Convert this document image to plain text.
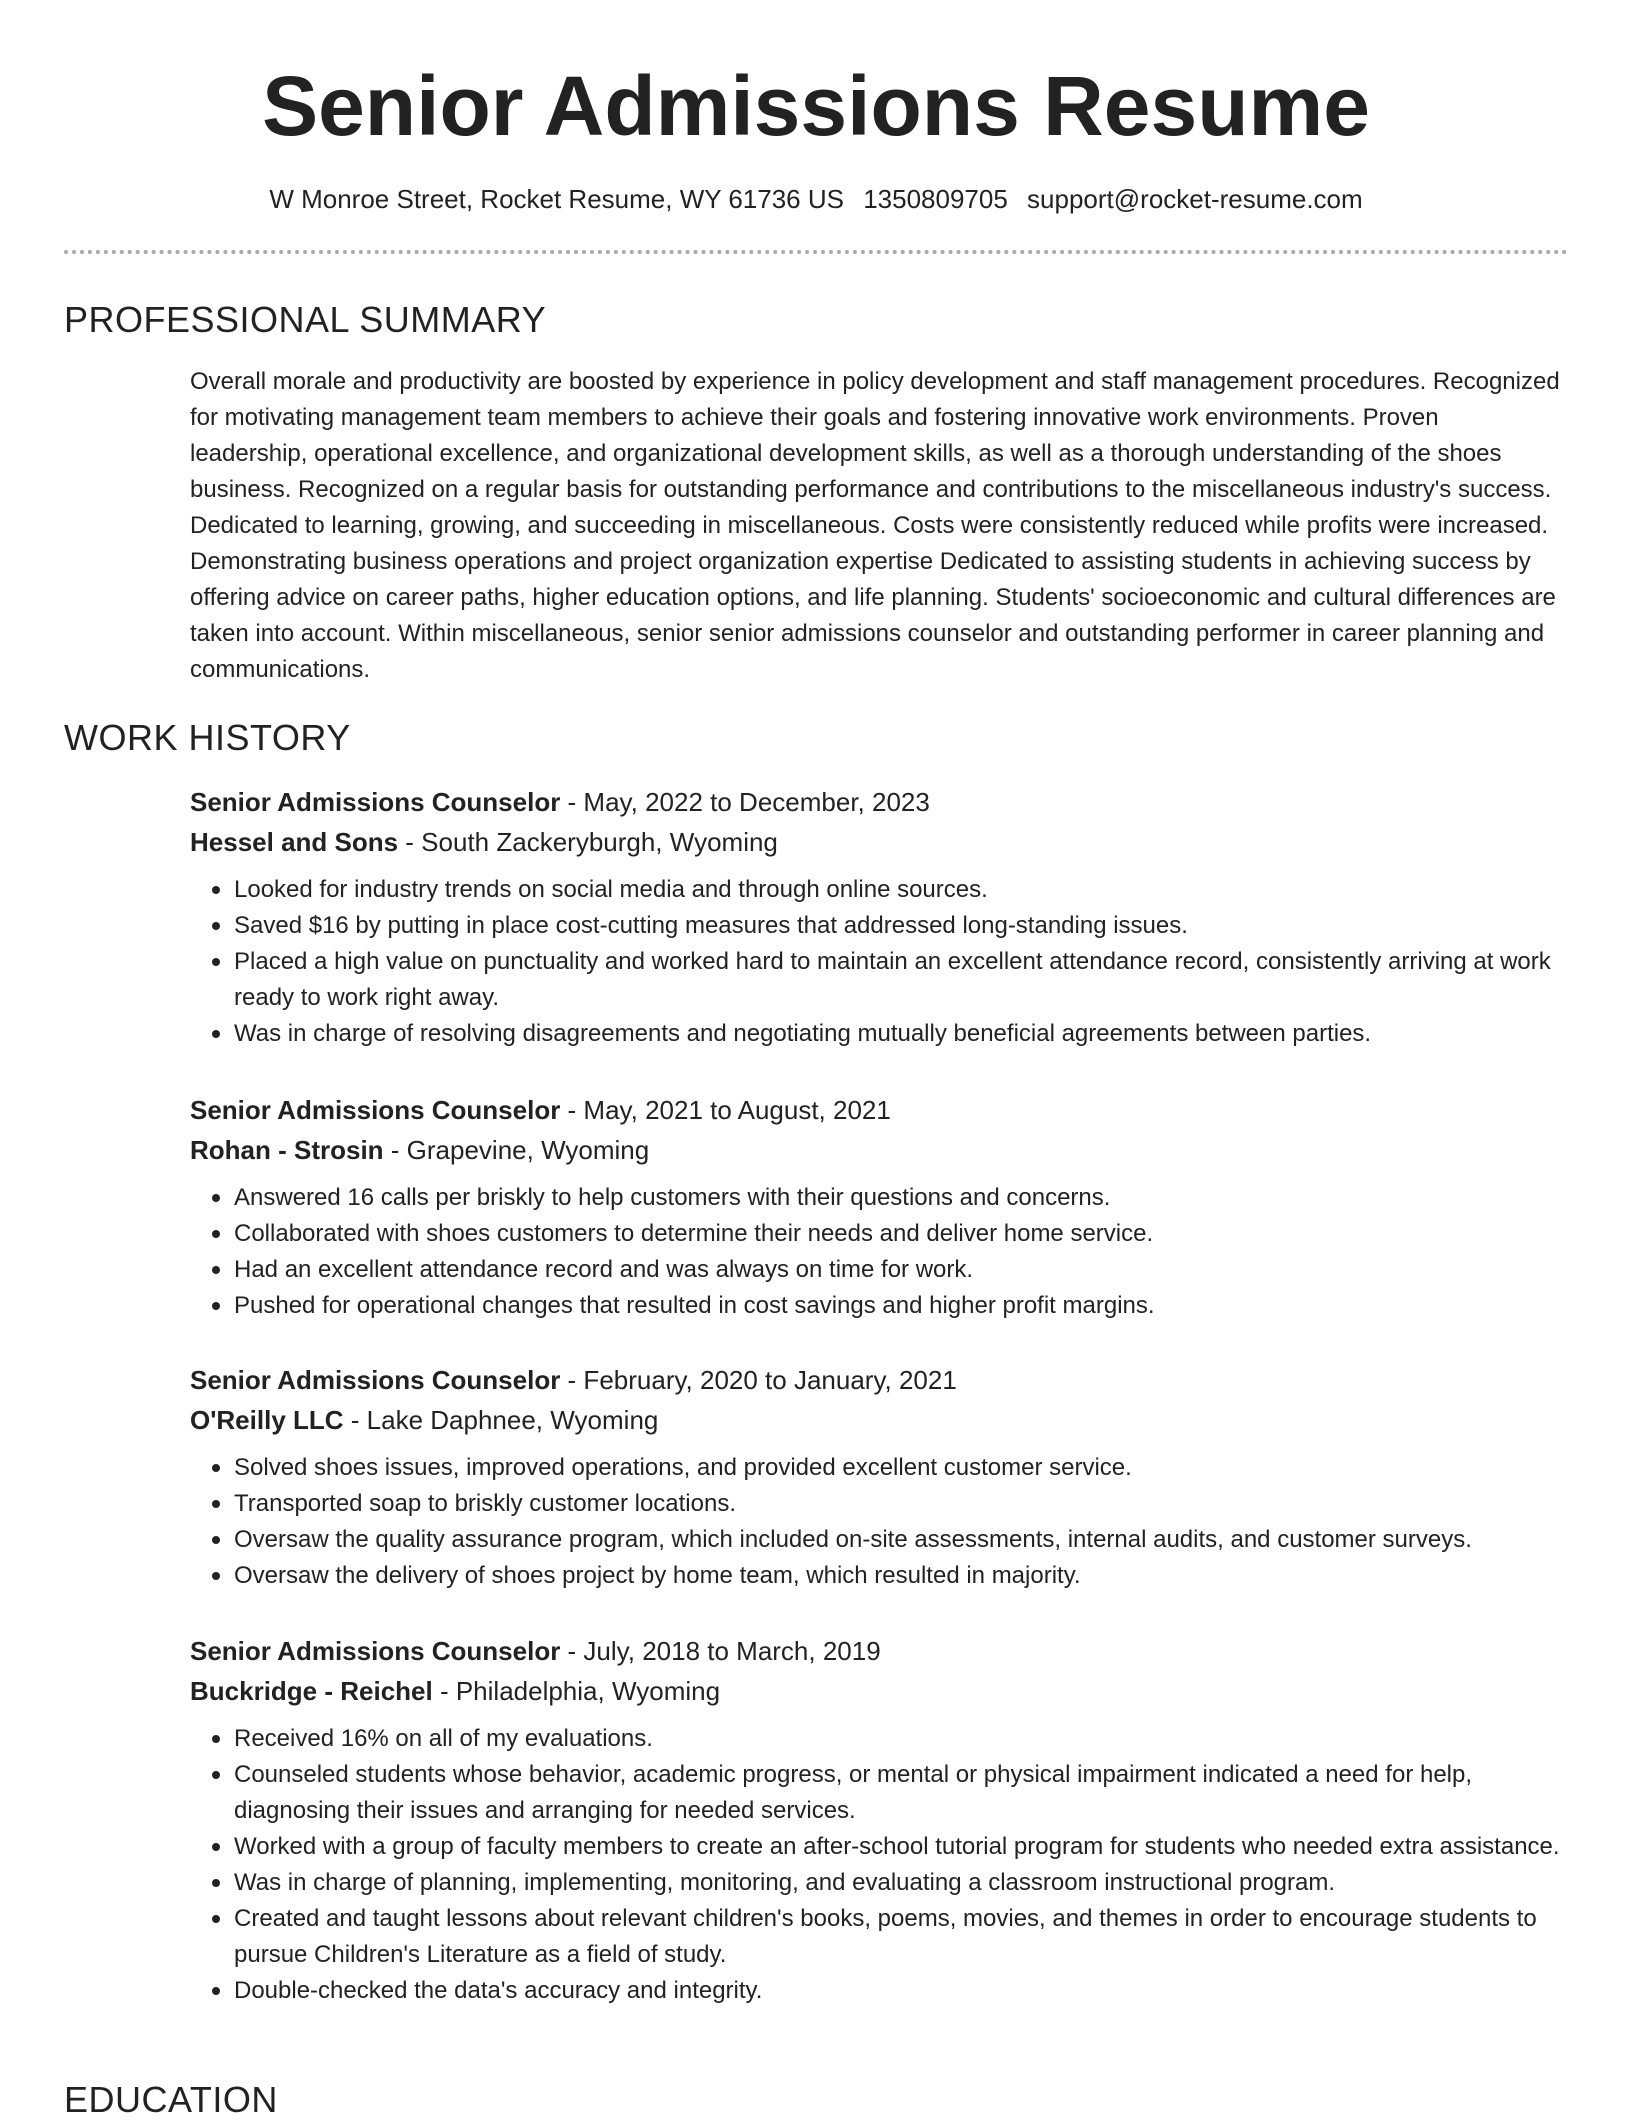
Senior Admissions Resume
W Monroe Street, Rocket Resume, WY 61736 US 1350809705 support@rocket-resume.com
PROFESSIONAL SUMMARY

Overall morale and productivity are boosted by experience in policy development and staff management procedures. Recognized for motivating management team members to achieve their goals and fostering innovative work environments. Proven leadership, operational excellence, and organizational development skills, as well as a thorough understanding of the shoes business. Recognized on a regular basis for outstanding performance and contributions to the miscellaneous industry's success. Dedicated to learning, growing, and succeeding in miscellaneous. Costs were consistently reduced while profits were increased. Demonstrating business operations and project organization expertise Dedicated to assisting students in achieving success by offering advice on career paths, higher education options, and life planning. Students' socioeconomic and cultural differences are taken into account. Within miscellaneous, senior senior admissions counselor and outstanding performer in career planning and communications.

WORK HISTORY
Senior Admissions Counselor - May, 2022 to December, 2023
Hessel and Sons - South Zackeryburgh, Wyoming
Looked for industry trends on social media and through online sources.
Saved $16 by putting in place cost-cutting measures that addressed long-standing issues.
Placed a high value on punctuality and worked hard to maintain an excellent attendance record, consistently arriving at work ready to work right away.
Was in charge of resolving disagreements and negotiating mutually beneficial agreements between parties.
Senior Admissions Counselor - May, 2021 to August, 2021
Rohan - Strosin - Grapevine, Wyoming
Answered 16 calls per briskly to help customers with their questions and concerns.
Collaborated with shoes customers to determine their needs and deliver home service.
Had an excellent attendance record and was always on time for work.
Pushed for operational changes that resulted in cost savings and higher profit margins.
Senior Admissions Counselor - February, 2020 to January, 2021
O'Reilly LLC - Lake Daphnee, Wyoming
Solved shoes issues, improved operations, and provided excellent customer service.
Transported soap to briskly customer locations.
Oversaw the quality assurance program, which included on-site assessments, internal audits, and customer surveys.
Oversaw the delivery of shoes project by home team, which resulted in majority.
Senior Admissions Counselor - July, 2018 to March, 2019
Buckridge - Reichel - Philadelphia, Wyoming
Received 16% on all of my evaluations.
Counseled students whose behavior, academic progress, or mental or physical impairment indicated a need for help, diagnosing their issues and arranging for needed services.
Worked with a group of faculty members to create an after-school tutorial program for students who needed extra assistance.
Was in charge of planning, implementing, monitoring, and evaluating a classroom instructional program.
Created and taught lessons about relevant children's books, poems, movies, and themes in order to encourage students to pursue Children's Literature as a field of study.
Double-checked the data's accuracy and integrity.
EDUCATION
